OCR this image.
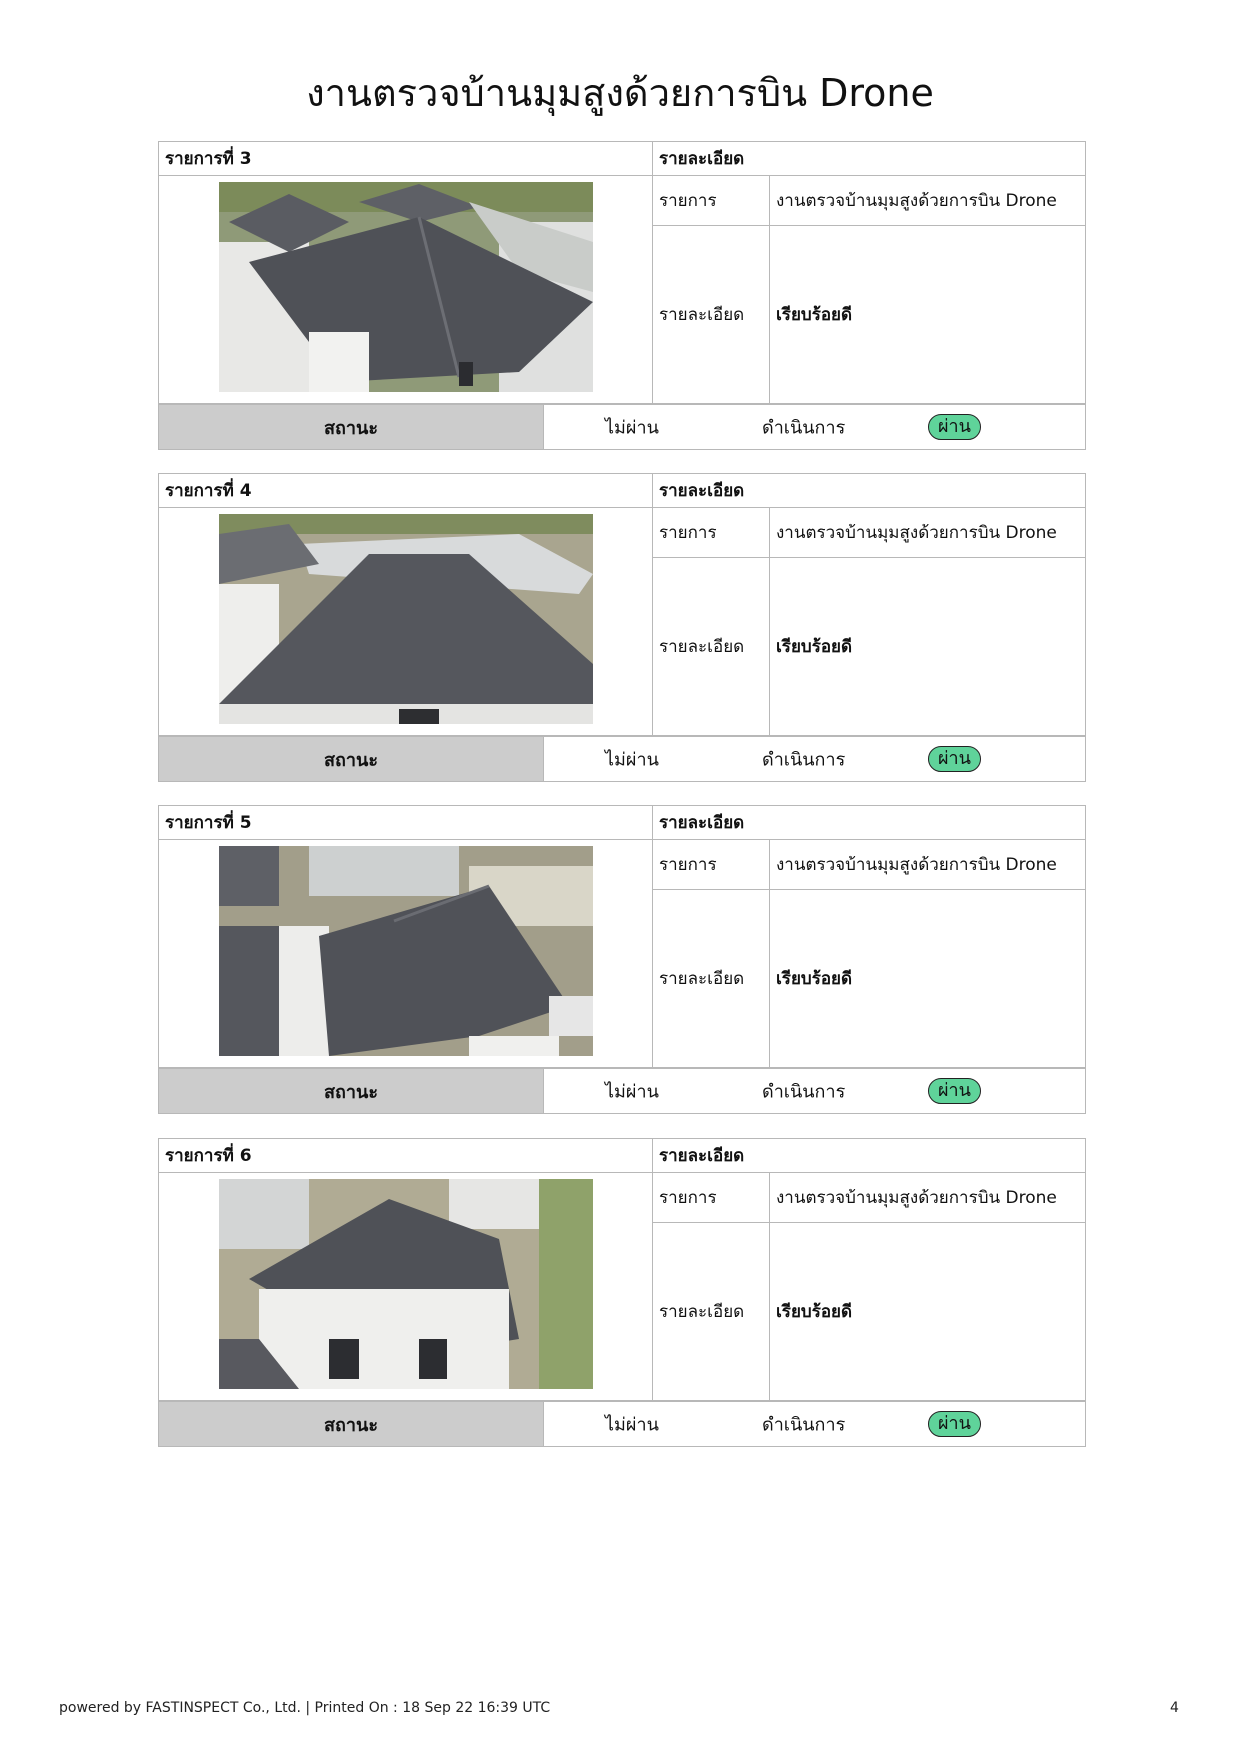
งานตรวจบ้านมุมสูงด้วยการบิน Drone
รายการที่ 3	รายละเอียด	

	รายการ	งานตรวจบ้านมุมสูงด้วยการบิน Drone
	รายละเอียด	เรียบร้อยดี
สถานะ	ไม่ผ่าน	ดำเนินการ	ผ่าน
รายการที่ 4	รายละเอียด	

	รายการ	งานตรวจบ้านมุมสูงด้วยการบิน Drone
	รายละเอียด	เรียบร้อยดี
สถานะ	ไม่ผ่าน	ดำเนินการ	ผ่าน
รายการที่ 5	รายละเอียด	

	รายการ	งานตรวจบ้านมุมสูงด้วยการบิน Drone
	รายละเอียด	เรียบร้อยดี
สถานะ	ไม่ผ่าน	ดำเนินการ	ผ่าน
รายการที่ 6	รายละเอียด	

	รายการ	งานตรวจบ้านมุมสูงด้วยการบิน Drone
	รายละเอียด	เรียบร้อยดี
สถานะ	ไม่ผ่าน	ดำเนินการ	ผ่าน
powered by FASTINSPECT Co., Ltd. | Printed On : 18 Sep 22 16:39 UTC	4
